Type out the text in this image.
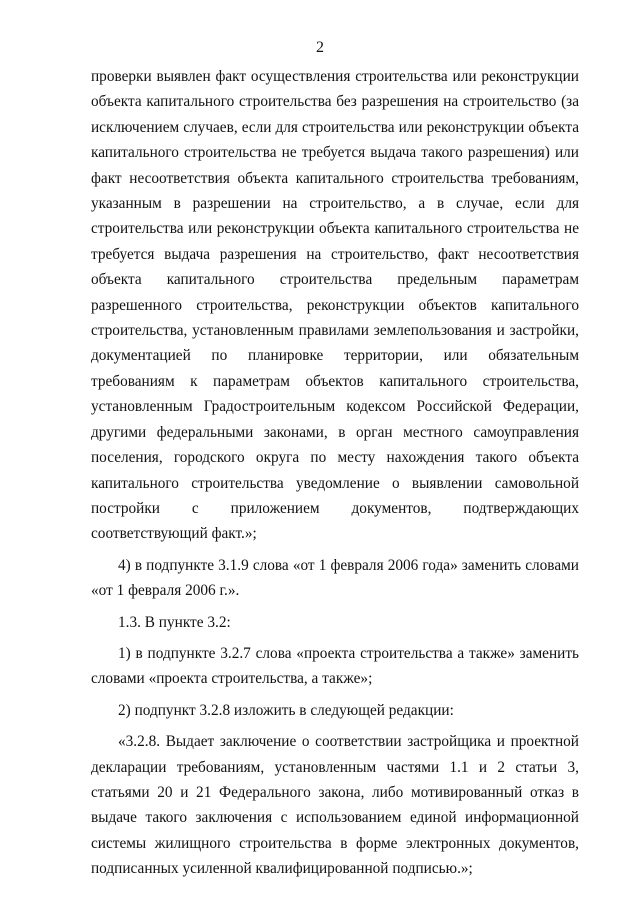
2

проверки выявлен факт осуществления строительства или реконструкции объекта капитального строительства без разрешения на строительство (за исключением случаев, если для строительства или реконструкции объекта капитального строительства не требуется выдача такого разрешения) или факт несоответствия объекта капитального строительства требованиям, указанным в разрешении на строительство, а в случае, если для строительства или реконструкции объекта капитального строительства не требуется выдача разрешения на строительство, факт несоответствия объекта капитального строительства предельным параметрам разрешенного строительства, реконструкции объектов капитального строительства, установленным правилами землепользования и застройки, документацией по планировке территории, или обязательным требованиям к параметрам объектов капитального строительства, установленным Градостроительным кодексом Российской Федерации, другими федеральными законами, в орган местного самоуправления поселения, городского округа по месту нахождения такого объекта капитального строительства уведомление о выявлении самовольной постройки с приложением документов, подтверждающих соответствующий факт.»;

4) в подпункте 3.1.9 слова «от 1 февраля 2006 года» заменить словами «от 1 февраля 2006 г.».

1.3. В пункте 3.2:

1) в подпункте 3.2.7 слова «проекта строительства а также» заменить словами «проекта строительства, а также»;

2) подпункт 3.2.8 изложить в следующей редакции:

«3.2.8. Выдает заключение о соответствии застройщика и проектной декларации требованиям, установленным частями 1.1 и 2 статьи 3, статьями 20 и 21 Федерального закона, либо мотивированный отказ в выдаче такого заключения с использованием единой информационной системы жилищного строительства в форме электронных документов, подписанных усиленной квалифицированной подписью.»;
